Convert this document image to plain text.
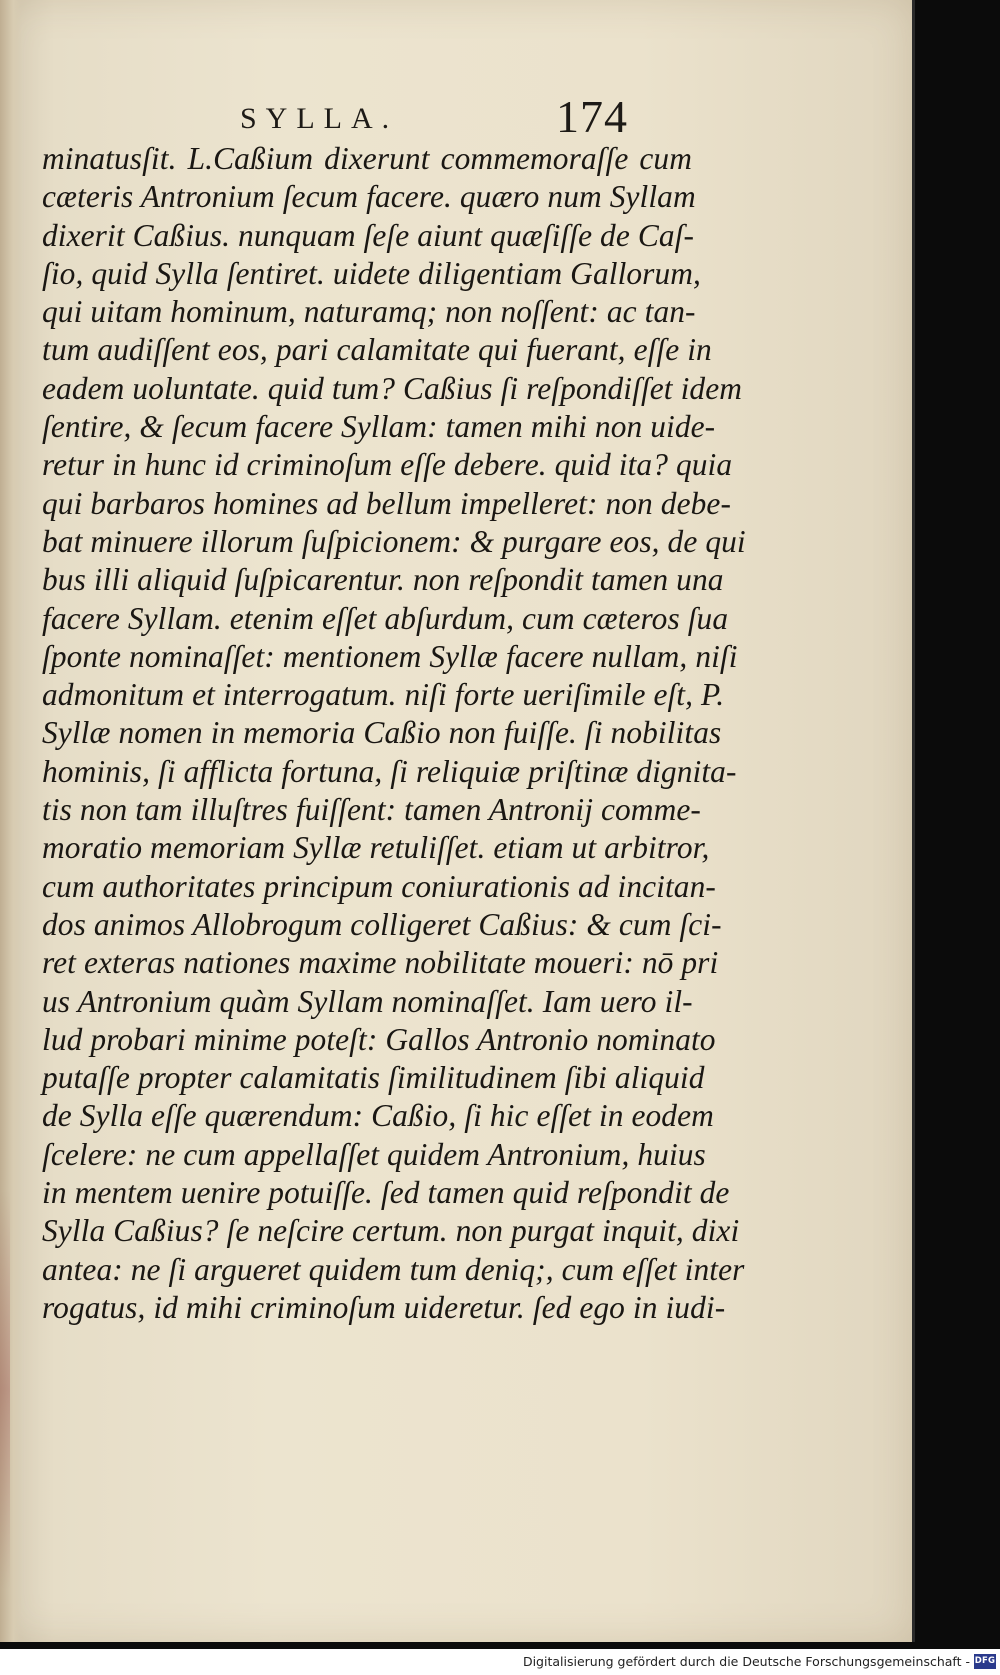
SYLLA.	174
minatusſit. L.Caßium dixerunt commemoraſſe cum
cæteris Antronium ſecum facere. quæro num Syllam
dixerit Caßius. nunquam ſeſe aiunt quæſiſſe de Caſ-
ſio, quid Sylla ſentiret. uidete diligentiam Gallorum,
qui uitam hominum, naturamq; non noſſent: ac tan-
tum audiſſent eos, pari calamitate qui fuerant, eſſe in
eadem uoluntate. quid tum? Caßius ſi reſpondiſſet idem
ſentire, & ſecum facere Syllam: tamen mihi non uide-
retur in hunc id criminoſum eſſe debere. quid ita? quia
qui barbaros homines ad bellum impelleret: non debe-
bat minuere illorum ſuſpicionem: & purgare eos, de qui
bus illi aliquid ſuſpicarentur. non reſpondit tamen una
facere Syllam. etenim eſſet abſurdum, cum cæteros ſua
ſponte nominaſſet: mentionem Syllæ facere nullam, niſi
admonitum et interrogatum. niſi forte ueriſimile eſt, P.
Syllæ nomen in memoria Caßio non fuiſſe. ſi nobilitas
hominis, ſi afflicta fortuna, ſi reliquiæ priſtinæ dignita-
tis non tam illuſtres fuiſſent: tamen Antronij comme-
moratio memoriam Syllæ retuliſſet. etiam ut arbitror,
cum authoritates principum coniurationis ad incitan-
dos animos Allobrogum colligeret Caßius: & cum ſci-
ret exteras nationes maxime nobilitate moueri: nō pri
us Antronium quàm Syllam nominaſſet. Iam uero il-
lud probari minime poteſt: Gallos Antronio nominato
putaſſe propter calamitatis ſimilitudinem ſibi aliquid
de Sylla eſſe quærendum: Caßio, ſi hic eſſet in eodem
ſcelere: ne cum appellaſſet quidem Antronium, huius
in mentem uenire potuiſſe. ſed tamen quid reſpondit de
Sylla Caßius? ſe neſcire certum. non purgat inquit, dixi
antea: ne ſi argueret quidem tum deniq;, cum eſſet inter
rogatus, id mihi criminoſum uideretur. ſed ego in iudi-
Digitalisierung gefördert durch die Deutsche Forschungsgemeinschaft - DFG
